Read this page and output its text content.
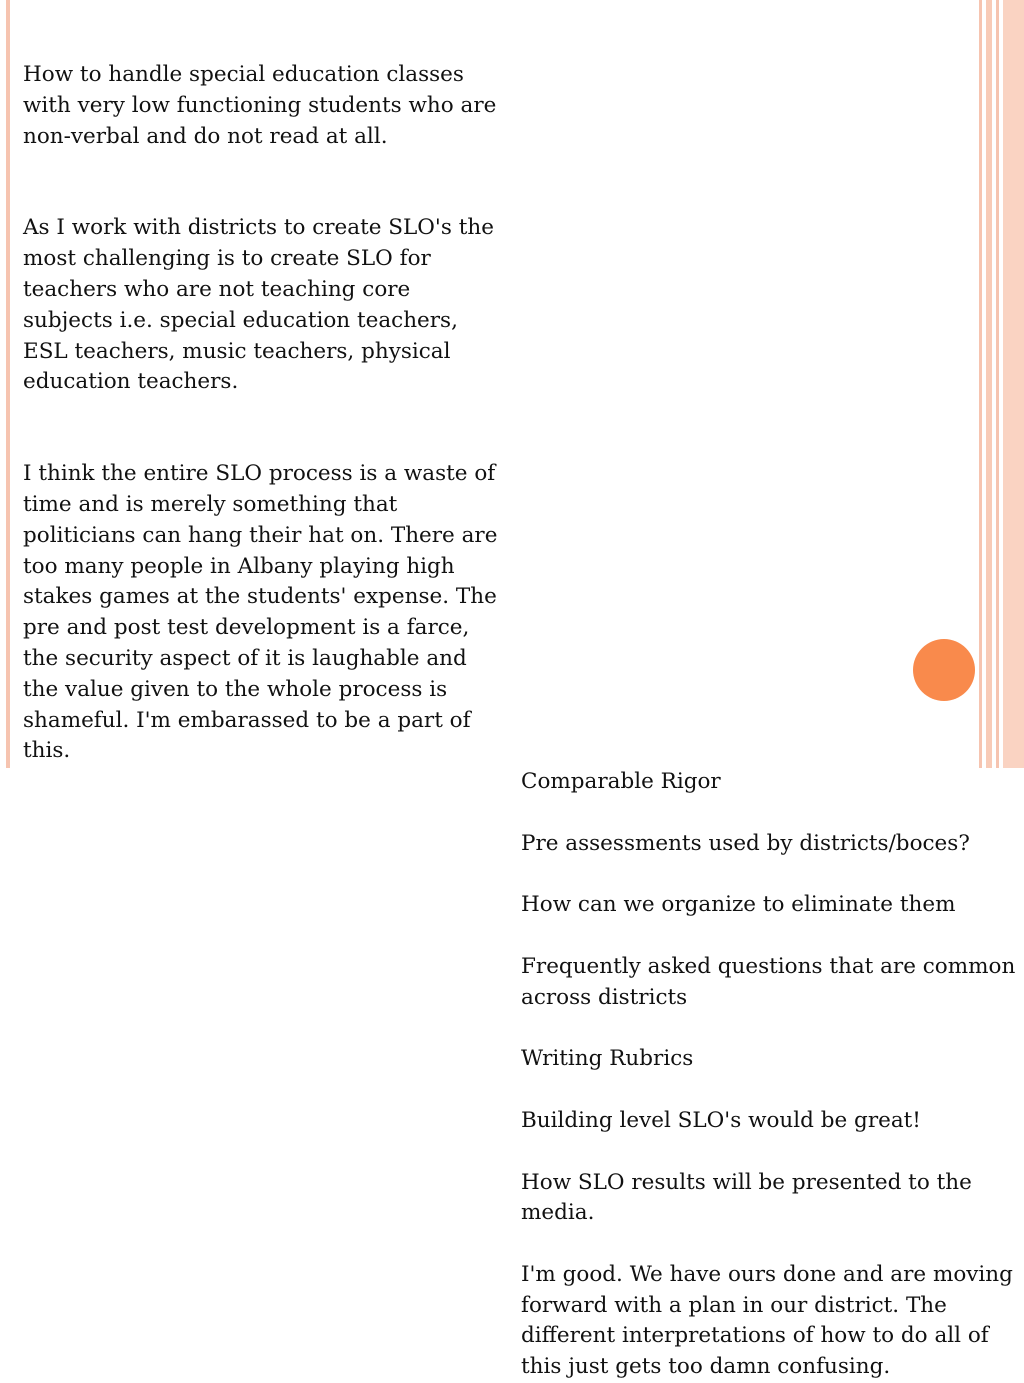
How to handle special education classes with very low functioning students who are non-verbal and do not read at all.

As I work with districts to create SLO's the most challenging is to create SLO for teachers who are not teaching core subjects i.e. special education teachers, ESL teachers, music teachers, physical education teachers.

I think the entire SLO process is a waste of time and is merely something that politicians can hang their hat on. There are too many people in Albany playing high stakes games at the students' expense. The pre and post test development is a farce, the security aspect of it is laughable and the value given to the whole process is shameful. I'm embarassed to be a part of this.

Comparable Rigor

Pre assessments used by districts/boces?

How can we organize to eliminate them

Frequently asked questions that are common across districts

Writing Rubrics

Building level SLO's would be great!

How SLO results will be presented to the media.

I'm good. We have ours done and are moving forward with a plan in our district. The different interpretations of how to do all of this just gets too damn confusing.
